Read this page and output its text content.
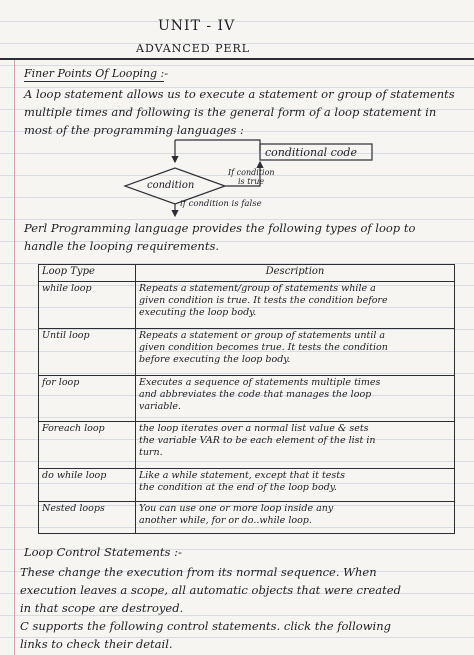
UNIT - IV
ADVANCED PERL
Finer Points Of Looping :-
A loop statement allows us to execute a statement or group of statements
multiple times and following is the general form of a loop statement in
most of the programming languages :
conditional code
condition
If condition
is true
if condition is false
Perl Programming language provides the following types of loop to
handle the looping requirements.
Loop Type	Description
while loop	Repeats a statement/group of statements while a
given condition is true. It tests the condition before
executing the loop body.

Until loop	Repeats a statement or group of statements until a
given condition becomes true. It tests the condition
before executing the loop body.

for loop	Executes a sequence of statements multiple times
and abbreviates the code that manages the loop
variable.

Foreach loop	the loop iterates over a normal list value & sets
the variable VAR to be each element of the list in
turn.

do while loop	Like a while statement, except that it tests
the condition at the end of the loop body.

Nested loops	You can use one or more loop inside any
another while, for or do..while loop.
Loop Control Statements :-
These change the execution from its normal sequence. When
execution leaves a scope, all automatic objects that were created
in that scope are destroyed.
C supports the following control statements. click the following
links to check their detail.
